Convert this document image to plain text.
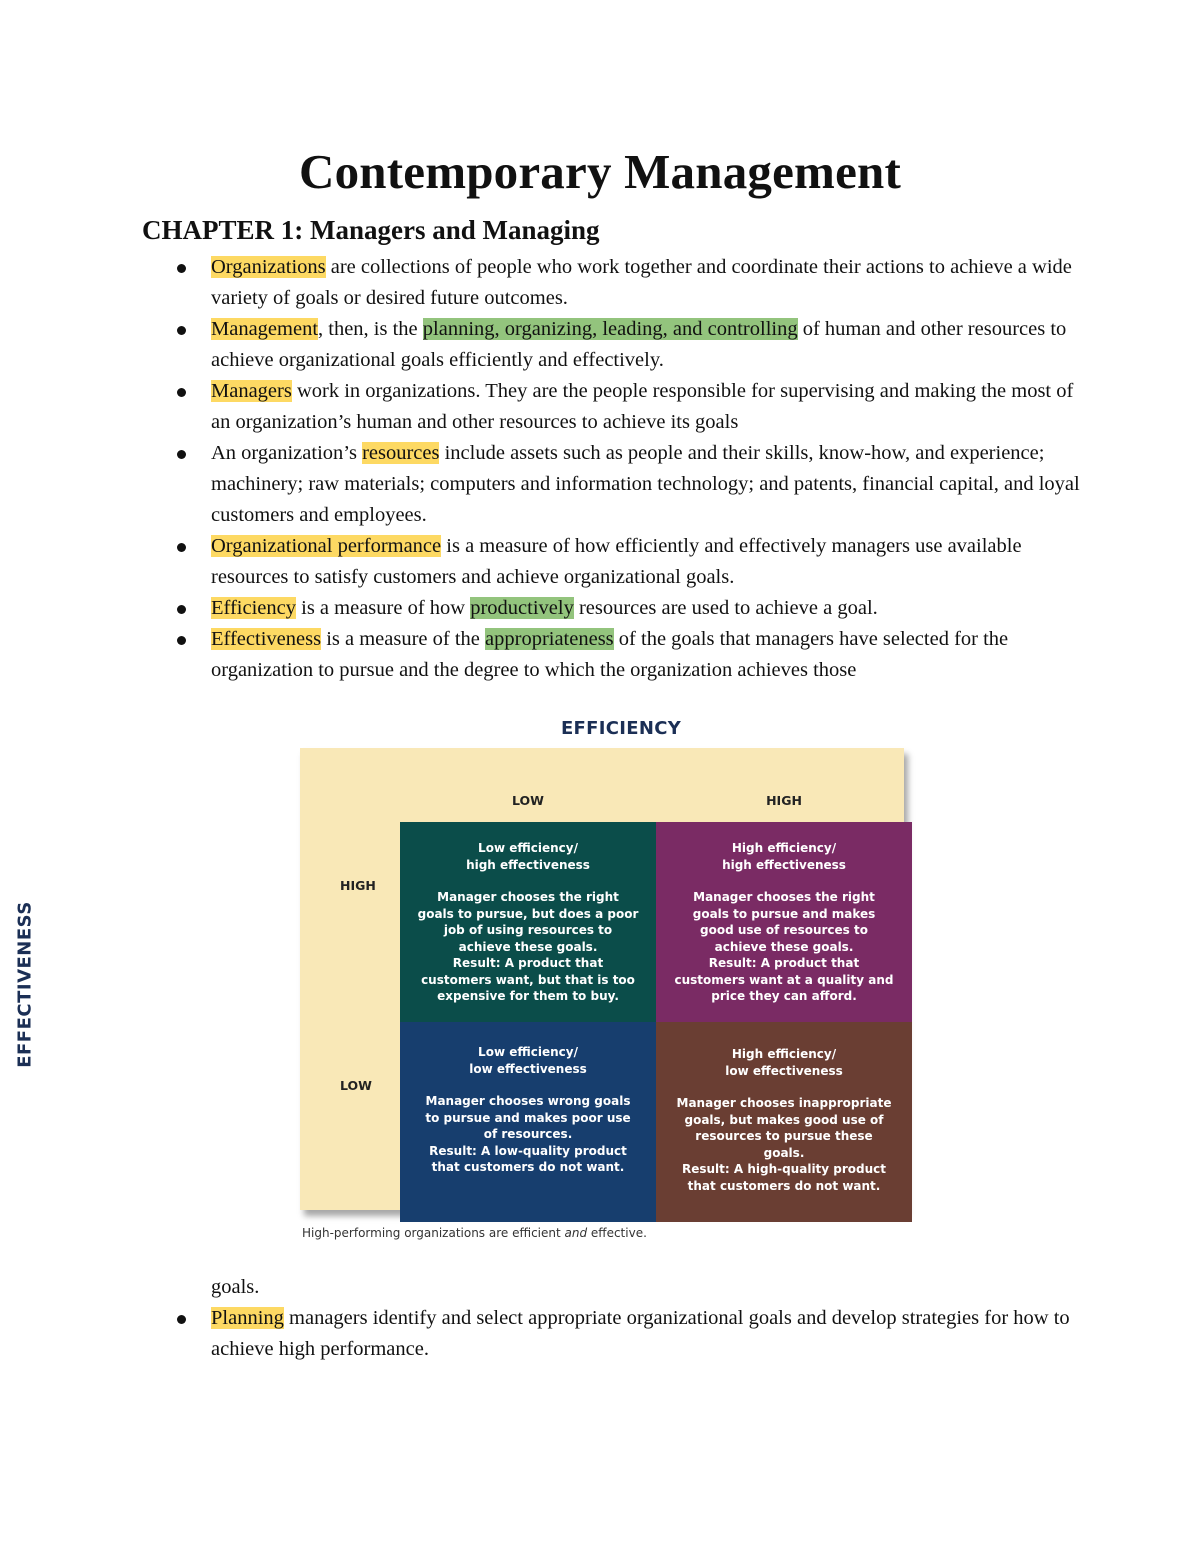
Contemporary Management
CHAPTER 1: Managers and Managing
Organizations are collections of people who work together and coordinate their actions to achieve a wide variety of goals or desired future outcomes.
Management, then, is the planning, organizing, leading, and controlling of human and other resources to achieve organizational goals efficiently and effectively.
Managers work in organizations. They are the people responsible for supervising and making the most of an organization’s human and other resources to achieve its goals
An organization’s resources include assets such as people and their skills, know-how, and experience; machinery; raw materials; computers and information technology; and patents, financial capital, and loyal customers and employees.
Organizational performance is a measure of how efficiently and effectively managers use available resources to satisfy customers and achieve organizational goals.
Efficiency is a measure of how productively resources are used to achieve a goal.
Effectiveness is a measure of the appropriateness of the goals that managers have selected for the organization to pursue and the degree to which the organization achieves those
EFFICIENCY
LOW	HIGH
HIGH
LOW
Low efficiency/
high effectiveness
Manager chooses the right
goals to pursue, but does a poor
job of using resources to
achieve these goals.
Result: A product that
customers want, but that is too
expensive for them to buy.
High efficiency/
high effectiveness
Manager chooses the right
goals to pursue and makes
good use of resources to
achieve these goals.
Result: A product that
customers want at a quality and
price they can afford.
Low efficiency/
low effectiveness
Manager chooses wrong goals
to pursue and makes poor use
of resources.
Result: A low-quality product
that customers do not want.
High efficiency/
low effectiveness
Manager chooses inappropriate
goals, but makes good use of
resources to pursue these
goals.
Result: A high-quality product
that customers do not want.
High-performing organizations are efficient and effective.
EFFECTIVENESS
goals.
Planning managers identify and select appropriate organizational goals and develop strategies for how to achieve high performance.
